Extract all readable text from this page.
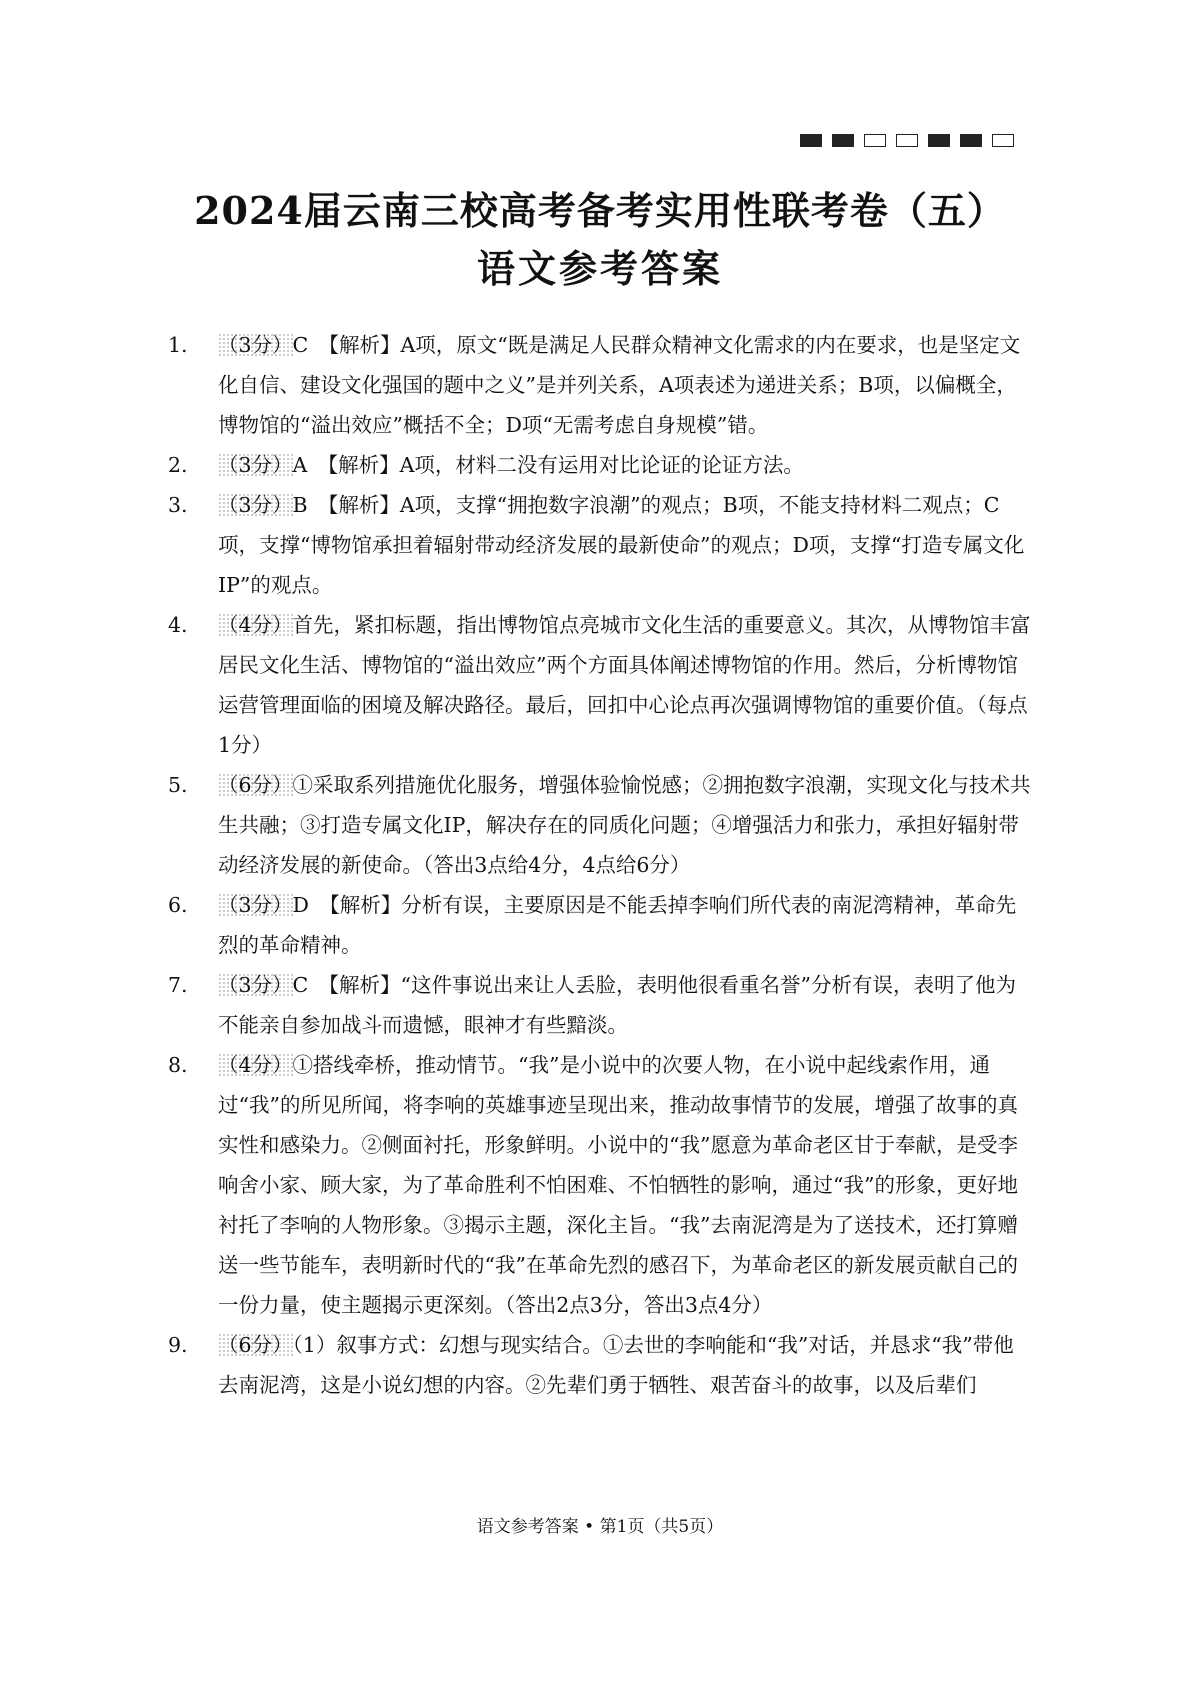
2024届云南三校高考备考实用性联考卷（五）
语文参考答案
1.	（3分）C　【解析】A项，原文“既是满足人民群众精神文化需求的内在要求，也是坚定文化自信、建设文化强国的题中之义”是并列关系，A项表述为递进关系；B项，以偏概全，博物馆的“溢出效应”概括不全；D项“无需考虑自身规模”错。
2.	（3分）A　【解析】A项，材料二没有运用对比论证的论证方法。
3.	（3分）B　【解析】A项，支撑“拥抱数字浪潮”的观点；B项，不能支持材料二观点；C项，支撑“博物馆承担着辐射带动经济发展的最新使命”的观点；D项，支撑“打造专属文化IP”的观点。
4.	（4分）首先，紧扣标题，指出博物馆点亮城市文化生活的重要意义。其次，从博物馆丰富居民文化生活、博物馆的“溢出效应”两个方面具体阐述博物馆的作用。然后，分析博物馆运营管理面临的困境及解决路径。最后，回扣中心论点再次强调博物馆的重要价值。（每点1分）
5.	（6分）①采取系列措施优化服务，增强体验愉悦感；②拥抱数字浪潮，实现文化与技术共生共融；③打造专属文化IP，解决存在的同质化问题；④增强活力和张力，承担好辐射带动经济发展的新使命。（答出3点给4分，4点给6分）
6.	（3分）D　【解析】分析有误，主要原因是不能丢掉李响们所代表的南泥湾精神，革命先烈的革命精神。
7.	（3分）C　【解析】“这件事说出来让人丢脸，表明他很看重名誉”分析有误，表明了他为不能亲自参加战斗而遗憾，眼神才有些黯淡。
8.	（4分）①搭线牵桥，推动情节。“我”是小说中的次要人物，在小说中起线索作用，通过“我”的所见所闻，将李响的英雄事迹呈现出来，推动故事情节的发展，增强了故事的真实性和感染力。②侧面衬托，形象鲜明。小说中的“我”愿意为革命老区甘于奉献，是受李响舍小家、顾大家，为了革命胜利不怕困难、不怕牺牲的影响，通过“我”的形象，更好地衬托了李响的人物形象。③揭示主题，深化主旨。“我”去南泥湾是为了送技术，还打算赠送一些节能车，表明新时代的“我”在革命先烈的感召下，为革命老区的新发展贡献自己的一份力量，使主题揭示更深刻。（答出2点3分，答出3点4分）
9.	（6分）（1）叙事方式：幻想与现实结合。①去世的李响能和“我”对话，并恳求“我”带他去南泥湾，这是小说幻想的内容。②先辈们勇于牺牲、艰苦奋斗的故事，以及后辈们
语文参考答案 • 第1页（共5页）
